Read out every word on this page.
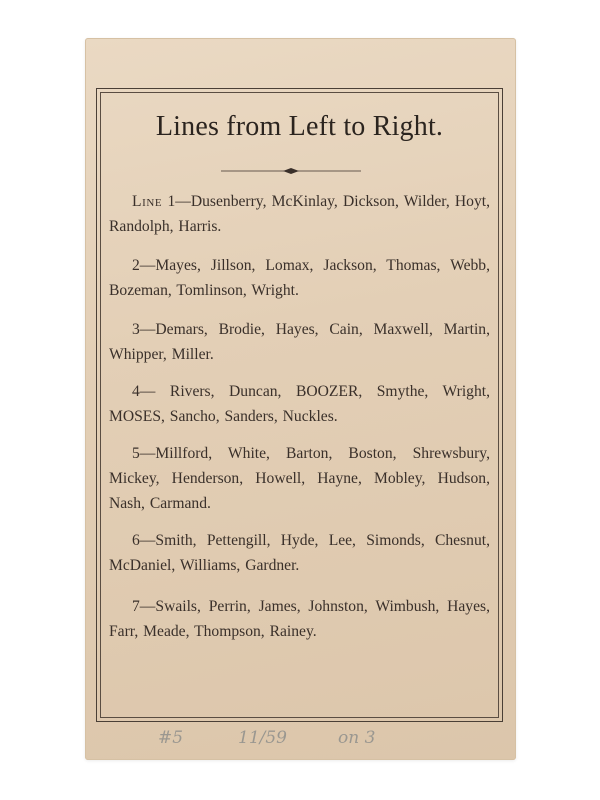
Lines from Left to Right.

Line 1—Dusenberry, McKinlay, Dickson, Wilder, Hoyt, Randolph, Harris.

2—Mayes, Jillson, Lomax, Jackson, Thomas, Webb, Bozeman, Tomlinson, Wright.

3—Demars, Brodie, Hayes, Cain, Maxwell, Martin, Whipper, Miller.

4— Rivers, Duncan, BOOZER, Smythe, Wright, MOSES, Sancho, Sanders, Nuckles.

5—Millford, White, Barton, Boston, Shrewsbury, Mickey, Henderson, Howell, Hayne, Mobley, Hudson, Nash, Carmand.

6—Smith, Pettengill, Hyde, Lee, Simonds, Chesnut, McDaniel, Williams, Gardner.

7—Swails, Perrin, James, Johnston, Wimbush, Hayes, Farr, Meade, Thompson, Rainey.

#5	11/59	on 3
